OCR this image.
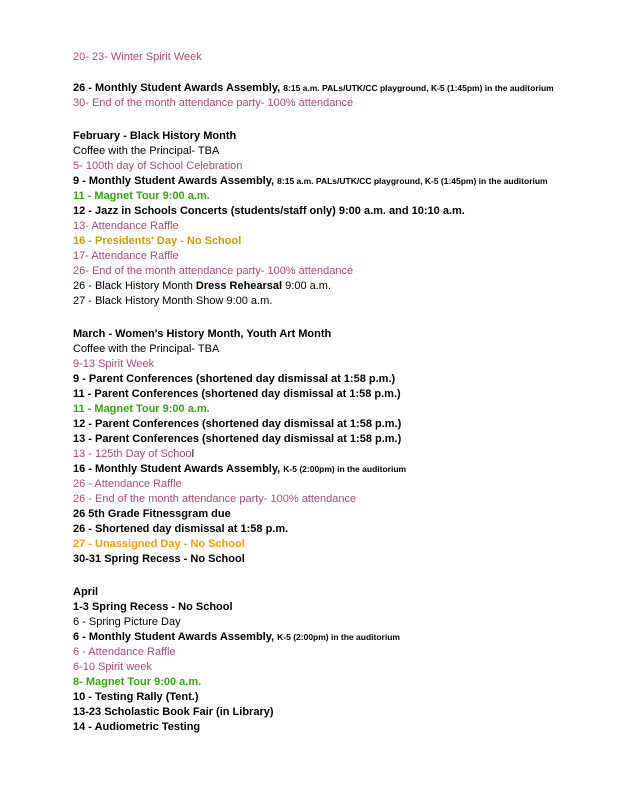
20- 23- Winter Spirit Week
26 - Monthly Student Awards Assembly, 8:15 a.m. PALs/UTK/CC playground, K-5 (1:45pm) in the auditorium
30- End of the month attendance party- 100% attendance
February - Black History Month
Coffee with the Principal- TBA
5- 100th day of School Celebration
9 - Monthly Student Awards Assembly, 8:15 a.m. PALs/UTK/CC playground, K-5 (1:45pm) in the auditorium
11 - Magnet Tour 9:00 a.m.
12 - Jazz in Schools Concerts (students/staff only) 9:00 a.m. and 10:10 a.m.
13- Attendance Raffle
16 - Presidents' Day - No School
17- Attendance Raffle
26- End of the month attendance party- 100% attendance
26 - Black History Month Dress Rehearsal 9:00 a.m.
27 - Black History Month Show 9:00 a.m.
March - Women's History Month, Youth Art Month
Coffee with the Principal- TBA
9-13 Spirit Week
9 - Parent Conferences (shortened day dismissal at 1:58 p.m.)
11 - Parent Conferences (shortened day dismissal at 1:58 p.m.)
11 - Magnet Tour 9:00 a.m.
12 - Parent Conferences (shortened day dismissal at 1:58 p.m.)
13 - Parent Conferences (shortened day dismissal at 1:58 p.m.)
13 - 125th Day of School
16 - Monthly Student Awards Assembly, K-5 (2:00pm) in the auditorium
26 - Attendance Raffle
26 - End of the month attendance party- 100% attendance
26 5th Grade Fitnessgram due
26 - Shortened day dismissal at 1:58 p.m.
27 - Unassigned Day - No School
30-31 Spring Recess - No School
April
1-3 Spring Recess - No School
6 - Spring Picture Day
6 - Monthly Student Awards Assembly, K-5 (2:00pm) in the auditorium
6 - Attendance Raffle
6-10 Spirit week
8- Magnet Tour 9:00 a.m.
10 - Testing Rally (Tent.)
13-23 Scholastic Book Fair (in Library)
14 - Audiometric Testing
